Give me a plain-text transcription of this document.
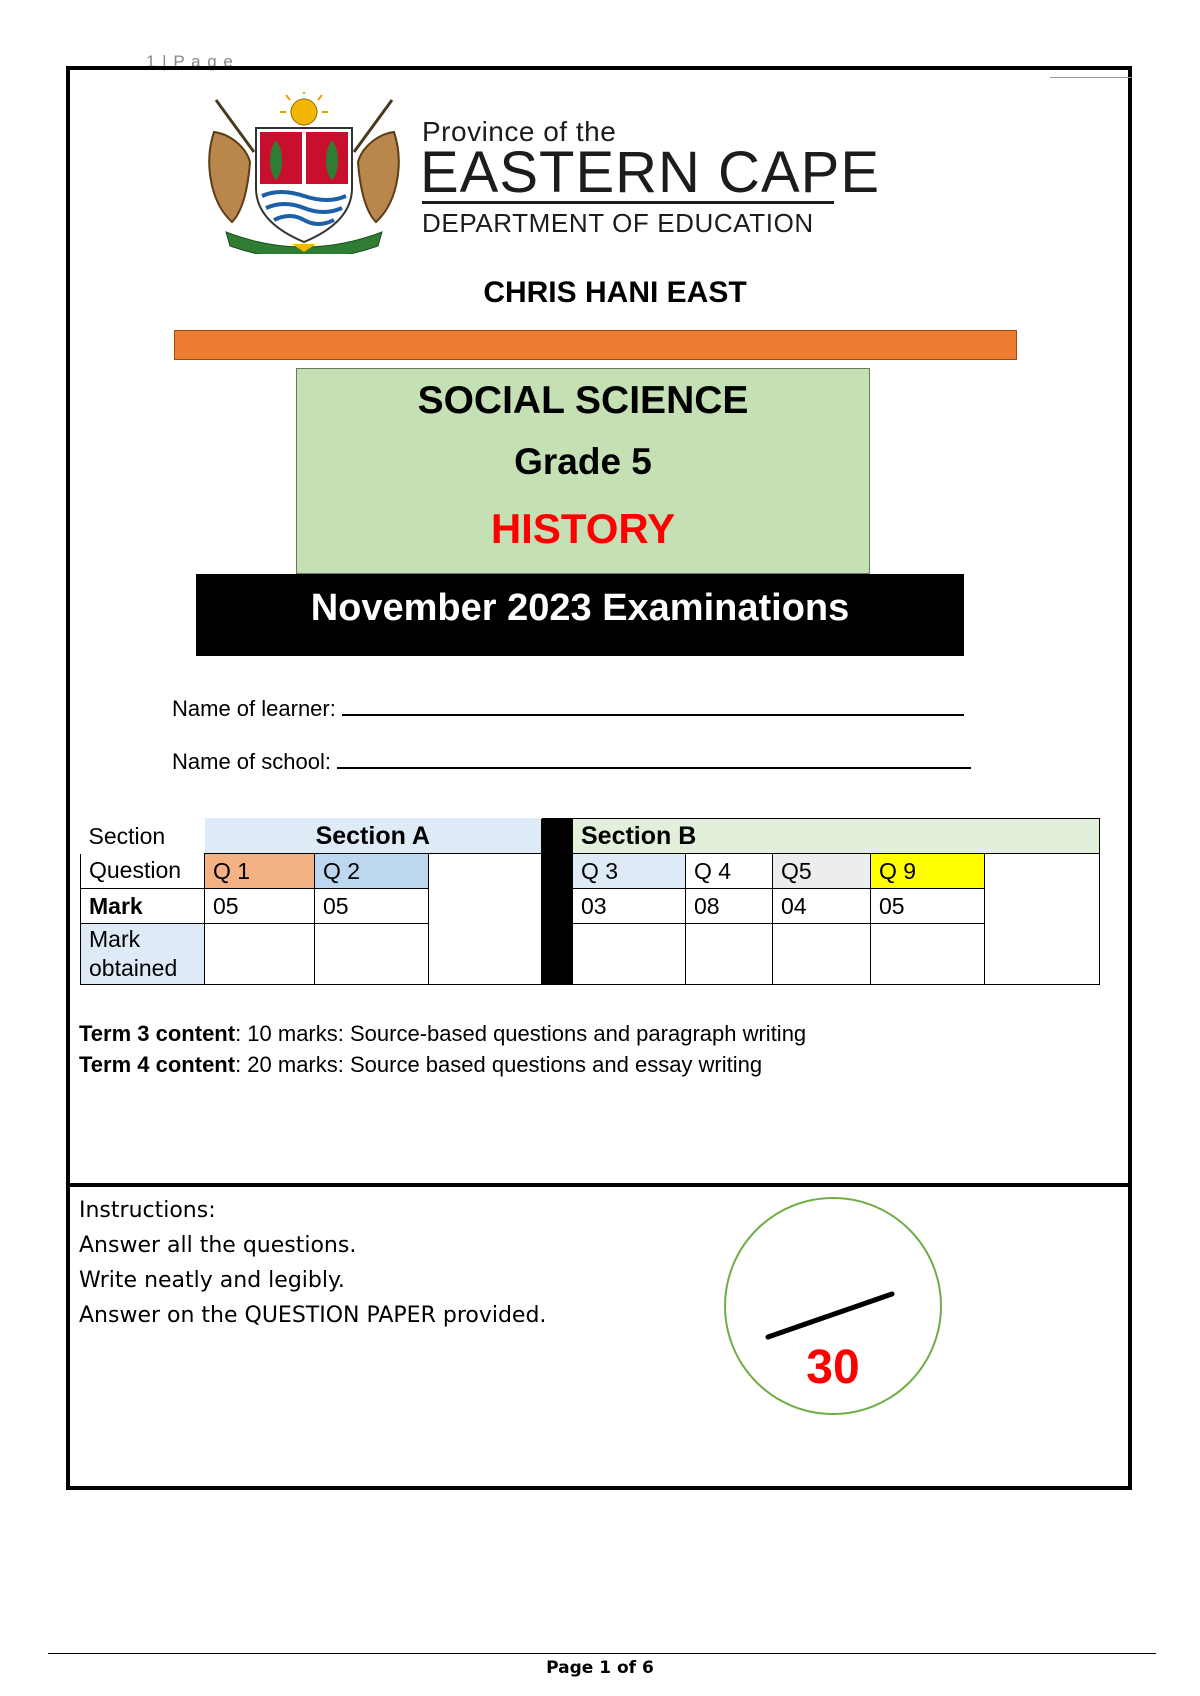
1 | P a g e
Province of the
EASTERN CAPE
DEPARTMENT OF EDUCATION
CHRIS HANI EAST
SOCIAL SCIENCE
Grade 5
HISTORY
November 2023 Examinations
Name of learner:
Name of school:
Section	Section A				Section B				
Question	Q 1	Q 2			Q 3	Q 4	Q5	Q 9	
Mark	05	05			03	08	04	05	
Mark
obtained									
Term 3 content: 10 marks: Source-based questions and paragraph writing
Term 4 content: 20 marks: Source based questions and essay writing
Instructions:
Answer all the questions.
Write neatly and legibly.
Answer on the QUESTION PAPER provided.
30
Page 1 of 6
